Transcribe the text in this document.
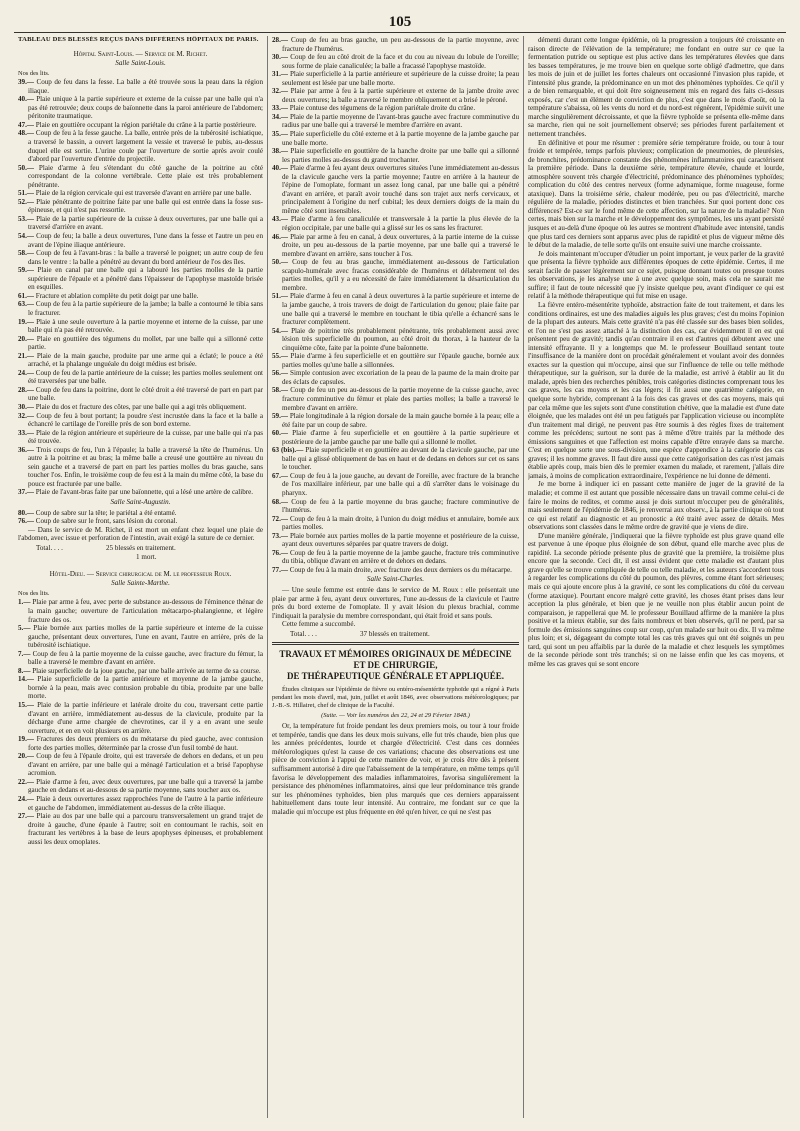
105
TABLEAU DES BLESSÉS REÇUS DANS DIFFÉRENS HÔPITAUX DE PARIS.
Hôpital Saint-Louis. — Service de M. Richet.
Salle Saint-Louis.
Nos des lits.

39.— Coup de feu dans la fesse. La balle a été trouvée sous la peau dans la région iliaque.

40.— Plaie unique à la partie supérieure et externe de la cuisse par une balle qui n'a pas été retrouvée; deux coups de baïonnette dans la paroi antérieure de l'abdomen; péritonite traumatique.

47.— Plaie en gouttière occupant la région pariétale du crâne à la partie postérieure.

48.— Coup de feu à la fesse gauche. La balle, entrée près de la tubérosité ischiatique, a traversé le bassin, a ouvert largement la vessie et traversé le pubis, au-dessus duquel elle est sortie. L'urine coule par l'ouverture de sortie après avoir coulé d'abord par l'ouverture d'entrée du projectile.

50.— Plaie d'arme à feu s'étendant du côté gauche de la poitrine au côté correspondant de la colonne vertébrale. Cette plaie est très probablement pénétrante.

51.— Plaie de la région cervicale qui est traversée d'avant en arrière par une balle.

52.— Plaie pénétrante de poitrine faite par une balle qui est entrée dans la fosse sus-épineuse, et qui n'est pas ressortie.

53.— Plaie de la partie supérieure de la cuisse à deux ouvertures, par une balle qui a traversé d'arrière en avant.

54.— Coup de feu; la balle a deux ouvertures, l'une dans la fesse et l'autre un peu en avant de l'épine iliaque antérieure.

58.— Coup de feu à l'avant-bras : la balle a traversé le poignet; un autre coup de feu dans le ventre : la balle a pénétré au devant du bord antérieur de l'os des îles.

59.— Plaie en canal par une balle qui a labouré les parties molles de la partie supérieure de l'épaule et a pénétré dans l'épaisseur de l'apophyse mastoïde brisée en esquilles.

61.— Fracture et ablation complète du petit doigt par une balle.

63.— Coup de feu à la partie supérieure de la jambe; la balle a contourné le tibia sans le fracturer.

19.— Plaie à une seule ouverture à la partie moyenne et interne de la cuisse, par une balle qui n'a pas été retrouvée.

20.— Plaie en gouttière des tégumens du mollet, par une balle qui a sillonné cette partie.

21.— Plaie de la main gauche, produite par une arme qui a éclaté; le pouce a été arraché, et la phalange unguéale du doigt médius est brisée.

24.— Coup de feu de la partie antérieure de la cuisse; les parties molles seulement ont été traversées par une balle.

28.— Coup de feu dans la poitrine, dont le côté droit a été traversé de part en part par une balle.

30.— Plaie du dos et fracture des côtes, par une balle qui a agi très obliquement.

32.— Coup de feu à bout portant; la poudre s'est incrustée dans la face et la balle a échancré le cartilage de l'oreille près de son bord externe.

33.— Plaie de la région antérieure et supérieure de la cuisse, par une balle qui n'a pas été trouvée.

36.— Trois coups de feu, l'un à l'épaule; la balle a traversé la tête de l'humérus. Un autre à la poitrine et au bras; la même balle a creusé une gouttière au niveau du sein gauche et a traversé de part en part les parties molles du bras gauche, sans toucher l'os. Enfin, le troisième coup de feu est à la main du même côté, la base du pouce est fracturée par une balle.

37.— Plaie de l'avant-bras faite par une baïonnette, qui a lésé une artère de calibre.

Salle Saint-Augustin.

80.— Coup de sabre sur la tête; le pariétal a été entamé.

76.— Coup de sabre sur le front, sans lésion du coronal.

— Dans le service de M. Richet, il est mort un enfant chez lequel une plaie de l'abdomen, avec issue et perforation de l'intestin, avait exigé la suture de ce dernier.

Total. . . .	25 blessés en traitement.
1 mort.
Hôtel-Dieu. — Service chirurgical de M. le professeur Roux.
Salle Sainte-Marthe.
Nos des lits.

1.— Plaie par arme à feu, avec perte de substance au-dessous de l'éminence thénar de la main gauche; ouverture de l'articulation métacarpo-phalangienne, et légère fracture des os.

5.— Plaie bornée aux parties molles de la partie supérieure et interne de la cuisse gauche, présentant deux ouvertures, l'une en avant, l'autre en arrière, près de la tubérosité ischiatique.

7.— Coup de feu à la partie moyenne de la cuisse gauche, avec fracture du fémur, la balle a traversé le membre d'avant en arrière.

8.— Plaie superficielle de la joue gauche, par une balle arrivée au terme de sa course.

14.— Plaie superficielle de la partie antérieure et moyenne de la jambe gauche, bornée à la peau, mais avec contusion probable du tibia, produite par une balle morte.

15.— Plaie de la partie inférieure et latérale droite du cou, traversant cette partie d'avant en arrière, immédiatement au-dessus de la clavicule, produite par la décharge d'une arme chargée de chevrotines, car il y a en avant une seule ouverture, et en en voit plusieurs en arrière.

19.— Fractures des deux premiers os du métatarse du pied gauche, avec contusion forte des parties molles, déterminée par la crosse d'un fusil tombé de haut.

20.— Coup de feu à l'épaule droite, qui est traversée de dehors en dedans, et un peu d'avant en arrière, par une balle qui a ménagé l'articulation et a brisé l'apophyse acromion.

22.— Plaie d'arme à feu, avec deux ouvertures, par une balle qui a traversé la jambe gauche en dedans et au-dessous de sa partie moyenne, sans toucher aux os.

24.— Plaie à deux ouvertures assez rapprochées l'une de l'autre à la partie inférieure et gauche de l'abdomen, immédiatement au-dessus de la crête iliaque.

27.— Plaie au dos par une balle qui a parcouru transversalement un grand trajet de droite à gauche, d'une épaule à l'autre; soit en contournant le rachis, soit en fracturant les vertèbres à la base de leurs apophyses épineuses, et probablement aussi les deux omoplates.

28.— Coup de feu au bras gauche, un peu au-dessous de la partie moyenne, avec fracture de l'humérus.

30.— Coup de feu au côté droit de la face et du cou au niveau du lobule de l'oreille; sous forme de plaie canaliculée; la balle a fracassé l'apophyse mastoïde.

31.— Plaie superficielle à la partie antérieure et supérieure de la cuisse droite; la peau seulement est lésée par une balle morte.

32.— Plaie par arme à feu à la partie supérieure et externe de la jambe droite avec deux ouvertures; la balle a traversé le membre obliquement et a brisé le péroné.

33.— Plaie contuse des tégumens de la région pariétale droite du crâne.

34.— Plaie de la partie moyenne de l'avant-bras gauche avec fracture comminutive du radius par une balle qui a traversé le membre d'arrière en avant.

35.— Plaie superficielle du côté externe et à la partie moyenne de la jambe gauche par une balle morte.

38.— Plaie superficielle en gouttière de la hanche droite par une balle qui a sillonné les parties molles au-dessus du grand trochanter.

40.— Plaie d'arme à feu ayant deux ouvertures situées l'une immédiatement au-dessus de la clavicule gauche vers la partie moyenne; l'autre en arrière à la hauteur de l'épine de l'omoplate, formant un assez long canal, par une balle qui a pénétré d'avant en arrière, et paraît avoir touché dans son trajet aux nerfs cervicaux, et principalement à l'origine du nerf cubital; les deux derniers doigts de la main du même côté sont insensibles.

43.— Plaie d'arme à feu canaliculée et transversale à la partie la plus élevée de la région occipitale, par une balle qui a glissé sur les os sans les fracturer.

46.— Plaie par arme à feu en canal, à deux ouvertures, à la partie interne de la cuisse droite, un peu au-dessous de la partie moyenne, par une balle qui a traversé le membre d'avant en arrière, sans toucher à l'os.

50.— Coup de feu au bras gauche, immédiatement au-dessous de l'articulation scapulo-humérale avec fracas considérable de l'humérus et délabrement tel des parties molles, qu'il y a eu nécessité de faire immédiatement la désarticulation du membre.

51.— Plaie d'arme à feu en canal à deux ouvertures à la partie supérieure et interne de la jambe gauche, à trois travers de doigt de l'articulation du genou; plaie faite par une balle qui a traversé le membre en touchant le tibia qu'elle a échancré sans le fracturer complètement.

54.— Plaie de poitrine très probablement pénétrante, très probablement aussi avec lésion très superficielle du poumon, au côté droit du thorax, à la hauteur de la cinquième côte, faite par la pointe d'une baïonnette.

55.— Plaie d'arme à feu superficielle et en gouttière sur l'épaule gauche, bornée aux parties molles qu'une balle a sillonnées.

56.— Simple contusion avec excoriation de la peau de la paume de la main droite par des éclats de capsules.

58.— Coup de feu un peu au-dessous de la partie moyenne de la cuisse gauche, avec fracture comminutive du fémur et plaie des parties molles; la balle a traversé le membre d'avant en arrière.

59.— Plaie longitudinale à la région dorsale de la main gauche bornée à la peau; elle a été faite par un coup de sabre.

60.— Plaie d'arme à feu superficielle et en gouttière à la partie supérieure et postérieure de la jambe gauche par une balle qui a sillonné le mollet.

63 (bis).— Plaie superficielle et en gouttière au devant de la clavicule gauche, par une balle qui a glissé obliquement de bas en haut et de dedans en dehors sur cet os sans le toucher.

67.— Coup de feu à la joue gauche, au devant de l'oreille, avec fracture de la branche de l'os maxillaire inférieur, par une balle qui a dû s'arrêter dans le voisinage du pharynx.

68.— Coup de feu à la partie moyenne du bras gauche; fracture comminutive de l'humérus.

72.— Coup de feu à la main droite, à l'union du doigt médius et annulaire, bornée aux parties molles.

73.— Plaie bornée aux parties molles de la partie moyenne et postérieure de la cuisse, ayant deux ouvertures séparées par quatre travers de doigt.

76.— Coup de feu à la partie moyenne de la jambe gauche, fracture très comminutive du tibia, oblique d'avant en arrière et de dehors en dedans.

77.— Coup de feu à la main droite, avec fracture des deux derniers os du métacarpe.

Salle Saint-Charles.

— Une seule femme est entrée dans le service de M. Roux : elle présentait une plaie par arme à feu, ayant deux ouvertures, l'une au-dessus de la clavicule et l'autre près du bord externe de l'omoplate. Il y avait lésion du plexus brachial, comme l'indiquait la paralysie du membre correspondant, qui était froid et sans pouls.

Cette femme a succombé.

Total. . . .	37 blessés en traitement.
TRAVAUX ET MÉMOIRES ORIGINAUX DE MÉDECINE
ET DE CHIRURGIE,
DE THÉRAPEUTIQUE GÉNÉRALE ET APPLIQUÉE.
Études cliniques sur l'épidémie de fièvre ou entéro-mésentérite typhoïde qui a régné à Paris pendant les mois d'avril, mai, juin, juillet et août 1846, avec observations météorologiques; par J.-B.-S. Hillairet, chef de clinique de la Faculté.
(Suite. — Voir les numéros des 22, 24 et 29 Février 1848.)

Or, la température fut froide pendant les deux premiers mois, ou tour à tour froide et tempérée, tandis que dans les deux mois suivans, elle fut très chaude, bien plus que les années précédentes, lourde et chargée d'électricité. C'est dans ces données météorologiques qu'est la cause de ces variations; chacune des observations est une pièce de conviction à l'appui de cette manière de voir, et je crois être dès à présent suffisamment autorisé à dire que l'abaissement de la température, en même temps qu'il favorisa le développement des maladies inflammatoires, favorisa singulièrement la persistance des phénomènes inflammatoires, ainsi que leur prédominance très grande sur les phénomènes typhoïdes, bien plus marqués que ces derniers apparaissent habituellement dans toute leur intensité. Au contraire, me fondant sur ce que la maladie qui m'occupe est plus fréquente en été qu'en hiver, ce qui ne s'est pas

démenti durant cette longue épidémie, où la progression a toujours été croissante en raison directe de l'élévation de la température; me fondant en outre sur ce que la fermentation putride ou septique est plus active dans les températures élevées que dans les basses températures, je me trouve bien en quelque sorte obligé d'admettre, que dans les mois de juin et de juillet les fortes chaleurs ont occasionné l'invasion plus rapide, et l'intensité plus grande, la prédominance en un mot des phénomènes typhoïdes. Ce qu'il y a de bien remarquable, et qui doit être soigneusement mis en regard des faits ci-dessus exposés, car c'est un élément de conviction de plus, c'est que dans le mois d'août, où la température s'abaissa, où les vents du nord et du nord-est régnèrent, l'épidémie suivit une marche singulièrement décroissante, et que la fièvre typhoïde se présenta elle-même dans sa marche, rien qui ne soit journellement observé; ses périodes furent parfaitement et nettement tranchées.

En définitive et pour me résumer : première série température froide, ou tour à tour froide et tempérée, temps parfois pluvieux; complication de pneumonies, de pleurésies, de bronchites, prédominance constante des phénomènes inflammatoires qui caractérisent la première période. Dans la deuxième série, température élevée, chaude et lourde, atmosphère souvent très chargée d'électricité, prédominance des phénomènes typhoïdes; complication du côté des centres nerveux (forme adynamique, forme nuageuse, forme ataxique). Dans la troisième série, chaleur modérée, peu ou pas d'électricité, marche régulière de la maladie, périodes distinctes et bien tranchées. Sur quoi portent donc ces différences? Est-ce sur le fond même de cette affection, sur la nature de la maladie? Non certes, mais bien sur la marche et le développement des symptômes, les uns ayant persisté jusques et au-delà d'une époque où les autres se montrent d'habitude avec intensité, tandis que plus tard ces derniers sont apparus avec plus de rapidité et plus de vigueur même dès le début de la maladie, de telle sorte qu'ils ont ensuite suivi une marche croissante.

Je dois maintenant m'occuper d'étudier un point important, je veux parler de la gravité que présenta la fièvre typhoïde aux différentes époques de cette épidémie. Certes, il me serait facile de passer légèrement sur ce sujet, puisque donnant toutes ou presque toutes les observations, je les analyse une à une avec quelque soin, mais cela ne saurait me suffire; il faut de toute nécessité que j'y insiste quelque peu, avant d'indiquer ce qui est relatif à la méthode thérapeutique qui fut mise en usage.

La fièvre entéro-mésentérite typhoïde, abstraction faite de tout traitement, et dans les conditions ordinaires, est une des maladies aiguës les plus graves; c'est du moins l'opinion de la plupart des auteurs. Mais cette gravité n'a pas été classée sur des bases bien solides, et l'on ne s'est pas assez attaché à la distinction des cas, car évidemment il en est qui présentent peu de gravité; tandis qu'au contraire il en est d'autres qui débutent avec une intensité effrayante. Il y a longtemps que M. le professeur Bouillaud sentant toute l'insuffisance de la manière dont on procédait généralement et voulant avoir des données exactes sur la question qui m'occupe, ainsi que sur l'influence de telle ou telle méthode thérapeutique, sur la guérison, sur la durée de la maladie, est arrivé à établir au lit du malade, après bien des recherches pénibles, trois catégories distinctes comprenant tous les cas graves, les cas moyens et les cas légers; il fit aussi une quatrième catégorie, en quelque sorte hybride, comprenant à la fois des cas graves et des cas moyens, mais qui par cela même que les sujets sont d'une constitution chétive, que la maladie est d'une date éloignée, que les malades ont été un peu fatigués par l'application vicieuse ou incomplète d'un traitement mal dirigé, ne peuvent pas être soumis à des règles fixes de traitement comme les précédens; surtout ne sont pas à même d'être traités par la méthode des émissions sanguines et que l'affection est moins capable d'être enrayée dans sa marche. C'est en quelque sorte une sous-division, une espèce d'appendice à la catégorie des cas graves; il les nomme graves. Il faut dire aussi que cette catégorisation des cas n'est jamais établie après coup, mais bien dès le premier examen du malade, et rarement, j'allais dire jamais, à moins de complication extraordinaire, l'expérience ne lui donne de démenti.

Je me borne à indiquer ici en passant cette manière de juger de la gravité de la maladie; et comme il est autant que possible nécessaire dans un travail comme celui-ci de faire le moins de redites, et comme aussi je dois surtout m'occuper peu de généralités, mais seulement de l'épidémie de 1846, je renverrai aux observ., à la partie clinique où tout ce qui est relatif au diagnostic et au pronostic a été traité avec assez de détails. Mes observations sont classées dans le même ordre de gravité que je viens de dire.

D'une manière générale, j'indiquerai que la fièvre typhoïde est plus grave quand elle est parvenue à une époque plus éloignée de son début, quand elle marche avec plus de rapidité. La seconde période présente plus de gravité que la première, la troisième plus encore que la seconde. Ceci dit, il est aussi évident que cette maladie est d'autant plus grave qu'elle se trouve compliquée de telle ou telle maladie, et les auteurs s'accordent tous à regarder les complications du côté du poumon, des plèvres, comme étant fort sérieuses; mais ce qui ajoute encore plus à la gravité, ce sont les complications du côté du cerveau (forme ataxique). Pourtant encore malgré cette gravité, les choses étant prises dans leur acception la plus générale, et bien que je ne veuille non plus établir aucun point de comparaison, je rappellerai que M. le professeur Bouillaud affirme de la manière la plus positive et la mieux établie, sur des faits nombreux et bien observés, qu'il ne perd, par sa formule des émissions sanguines coup sur coup, qu'un malade sur huit ou dix. Il va même plus loin; et si, dégageant du compte total les cas très graves qui ont été soignés un peu tard, qui sont un peu affaiblis par la durée de la maladie et chez lesquels les symptômes de la seconde période sont très tranchés; si on ne laisse enfin que les cas moyens, et même les cas graves qui se sont encore
